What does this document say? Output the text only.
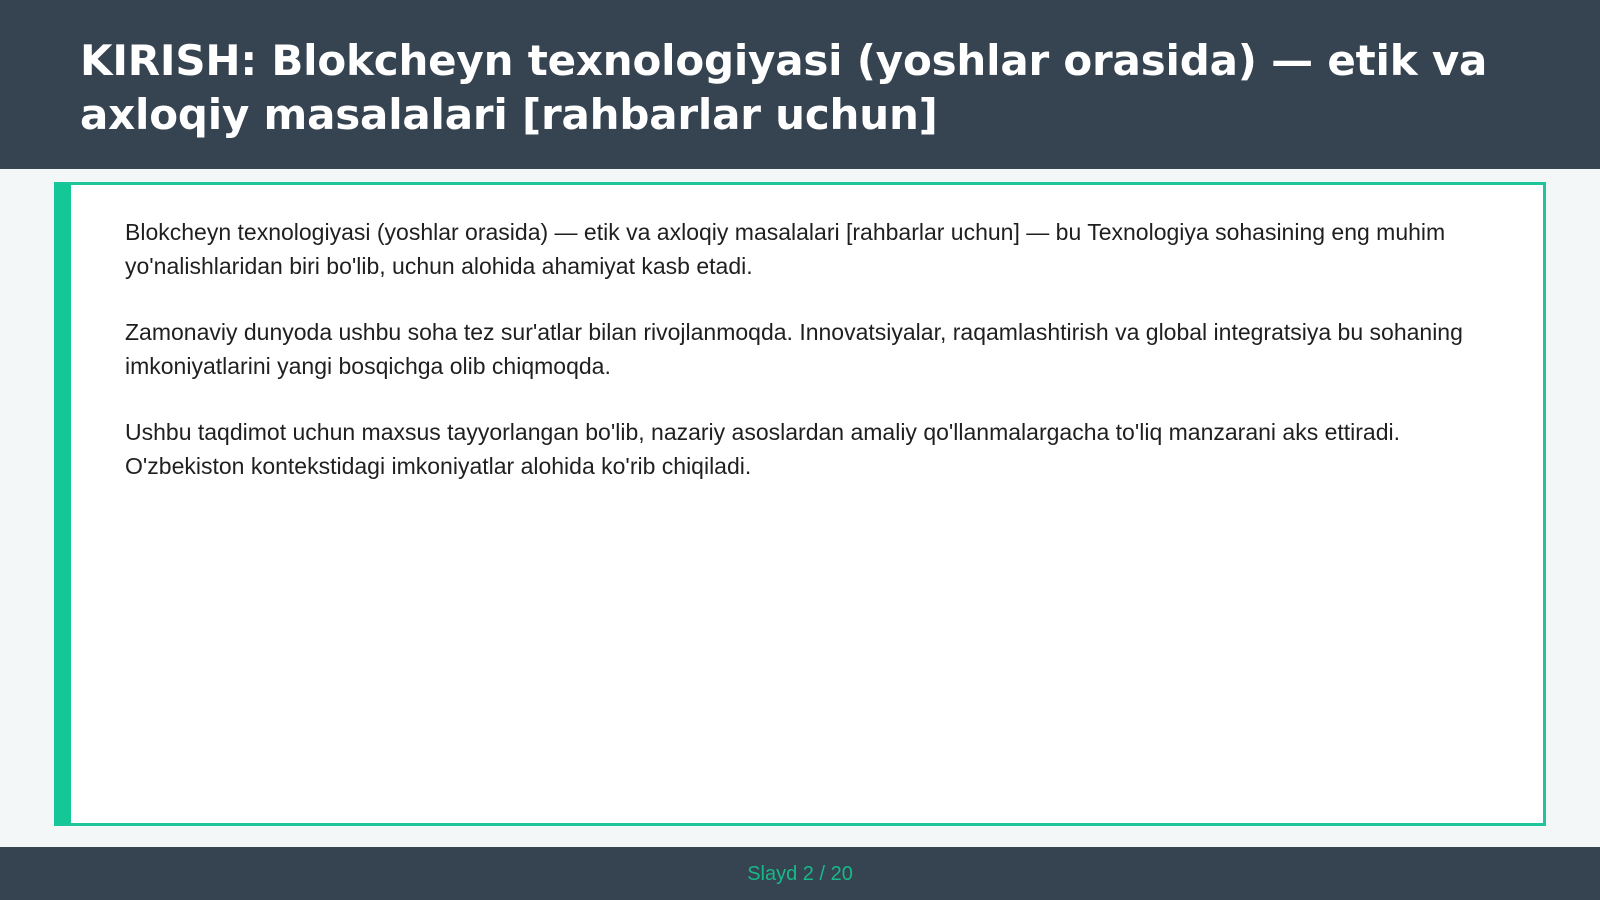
KIRISH: Blokcheyn texnologiyasi (yoshlar orasida) — etik va axloqiy masalalari [rahbarlar uchun]

Blokcheyn texnologiyasi (yoshlar orasida) — etik va axloqiy masalalari [rahbarlar uchun] — bu Texnologiya sohasining eng muhim yo'nalishlaridan biri bo'lib, uchun alohida ahamiyat kasb etadi.

Zamonaviy dunyoda ushbu soha tez sur'atlar bilan rivojlanmoqda. Innovatsiyalar, raqamlashtirish va global integratsiya bu sohaning imkoniyatlarini yangi bosqichga olib chiqmoqda.

Ushbu taqdimot uchun maxsus tayyorlangan bo'lib, nazariy asoslardan amaliy qo'llanmalargacha to'liq manzarani aks ettiradi. O'zbekiston kontekstidagi imkoniyatlar alohida ko'rib chiqiladi.

Slayd 2 / 20
